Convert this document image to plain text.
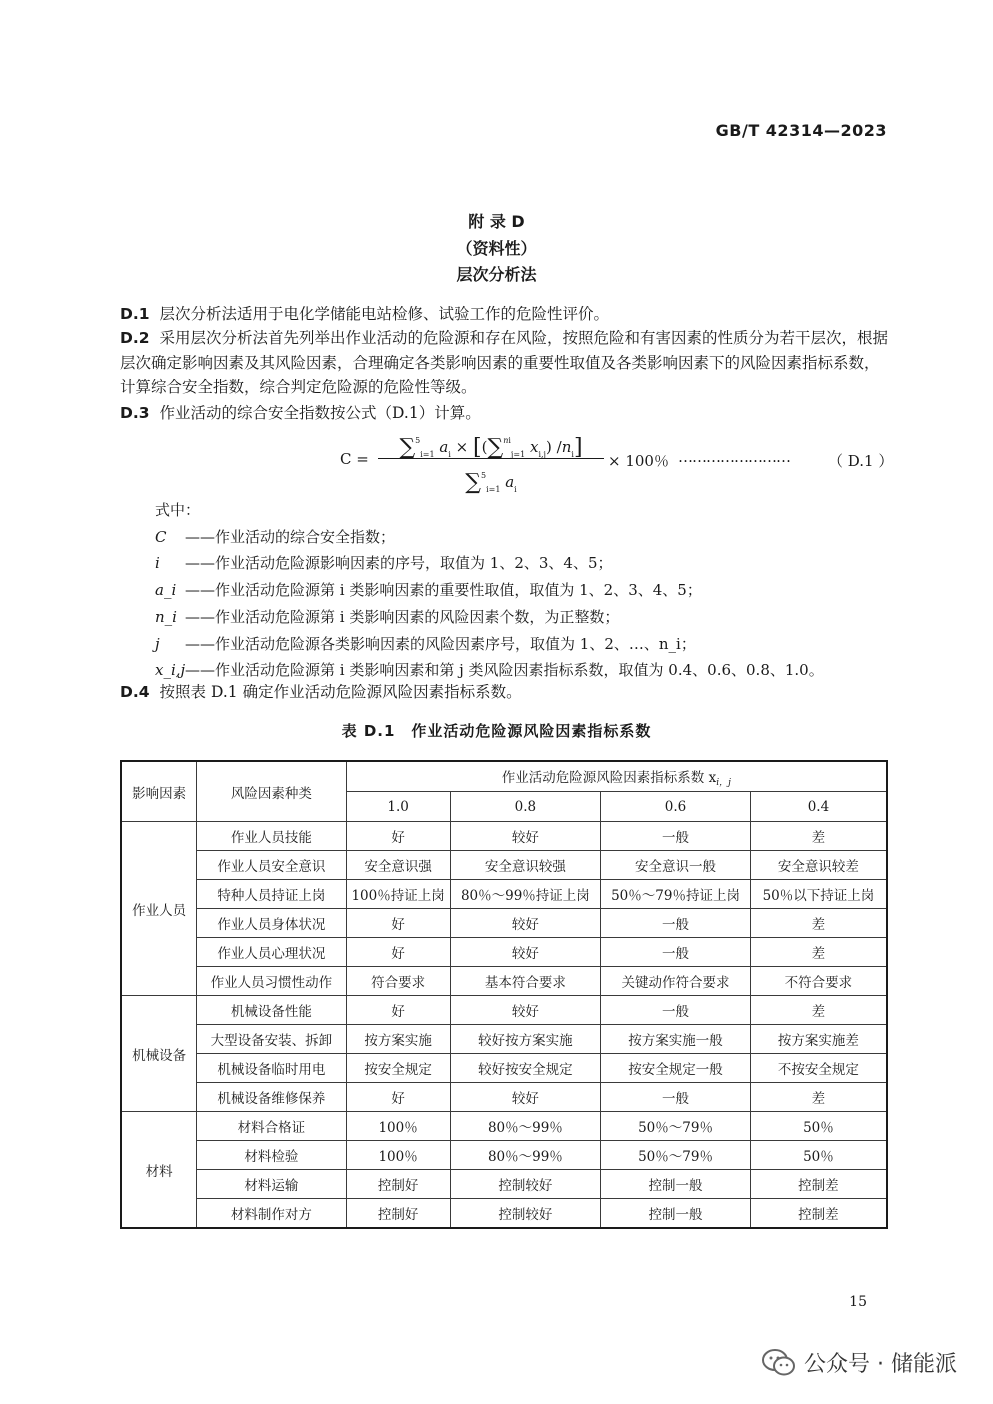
GB/T 42314—2023
附 录 D
（资料性）
层次分析法
D.1 层次分析法适用于电化学储能电站检修、试验工作的危险性评价。
D.2 采用层次分析法首先列举出作业活动的危险源和存在风险，按照危险和有害因素的性质分为若干层次，根据层次确定影响因素及其风险因素，合理确定各类影响因素的重要性取值及各类影响因素下的风险因素指标系数，计算综合安全指数，综合判定危险源的危险性等级。
D.3 作业活动的综合安全指数按公式（D.1）计算。
C =	∑$^5_{i=1}$ $a_i \times [(\sum^{ni}_{j=1}$ $x_{i,j}$) $/n_i$]
∑$^5_{i=1}$ $a_i$
× 100％ ……………………	（ D.1 ）
式中：
C ——作业活动的综合安全指数；
i ——作业活动危险源影响因素的序号，取值为 1、2、3、4、5；
a_i ——作业活动危险源第 i 类影响因素的重要性取值，取值为 1、2、3、4、5；
n_i ——作业活动危险源第 i 类影响因素的风险因素个数，为正整数；
j ——作业活动危险源各类影响因素的风险因素序号，取值为 1、2、…、n_i；
x_i,j——作业活动危险源第 i 类影响因素和第 j 类风险因素指标系数，取值为 0.4、0.6、0.8、1.0。
D.4 按照表 D.1 确定作业活动危险源风险因素指标系数。
表 D.1　作业活动危险源风险因素指标系数
影响因素	风险因素种类	作业活动危险源风险因素指标系数 $x_{i,j}$
		1.0	0.8	0.6	0.4
作业人员	作业人员技能	好	较好	一般	差
	作业人员安全意识	安全意识强	安全意识较强	安全意识一般	安全意识较差
	特种人员持证上岗	100％持证上岗	80％～99％持证上岗	50％～79％持证上岗	50％以下持证上岗
	作业人员身体状况	好	较好	一般	差
	作业人员心理状况	好	较好	一般	差
	作业人员习惯性动作	符合要求	基本符合要求	关键动作符合要求	不符合要求
机械设备	机械设备性能	好	较好	一般	差
	大型设备安装、拆卸	按方案实施	较好按方案实施	按方案实施一般	按方案实施差
	机械设备临时用电	按安全规定	较好按安全规定	按安全规定一般	不按安全规定
	机械设备维修保养	好	较好	一般	差
材料	材料合格证	100％	80％～99％	50％～79％	50％
	材料检验	100％	80％～99％	50％～79％	50％
	材料运输	控制好	控制较好	控制一般	控制差
	材料制作对方	控制好	控制较好	控制一般	控制差
15
公众号 · 储能派
